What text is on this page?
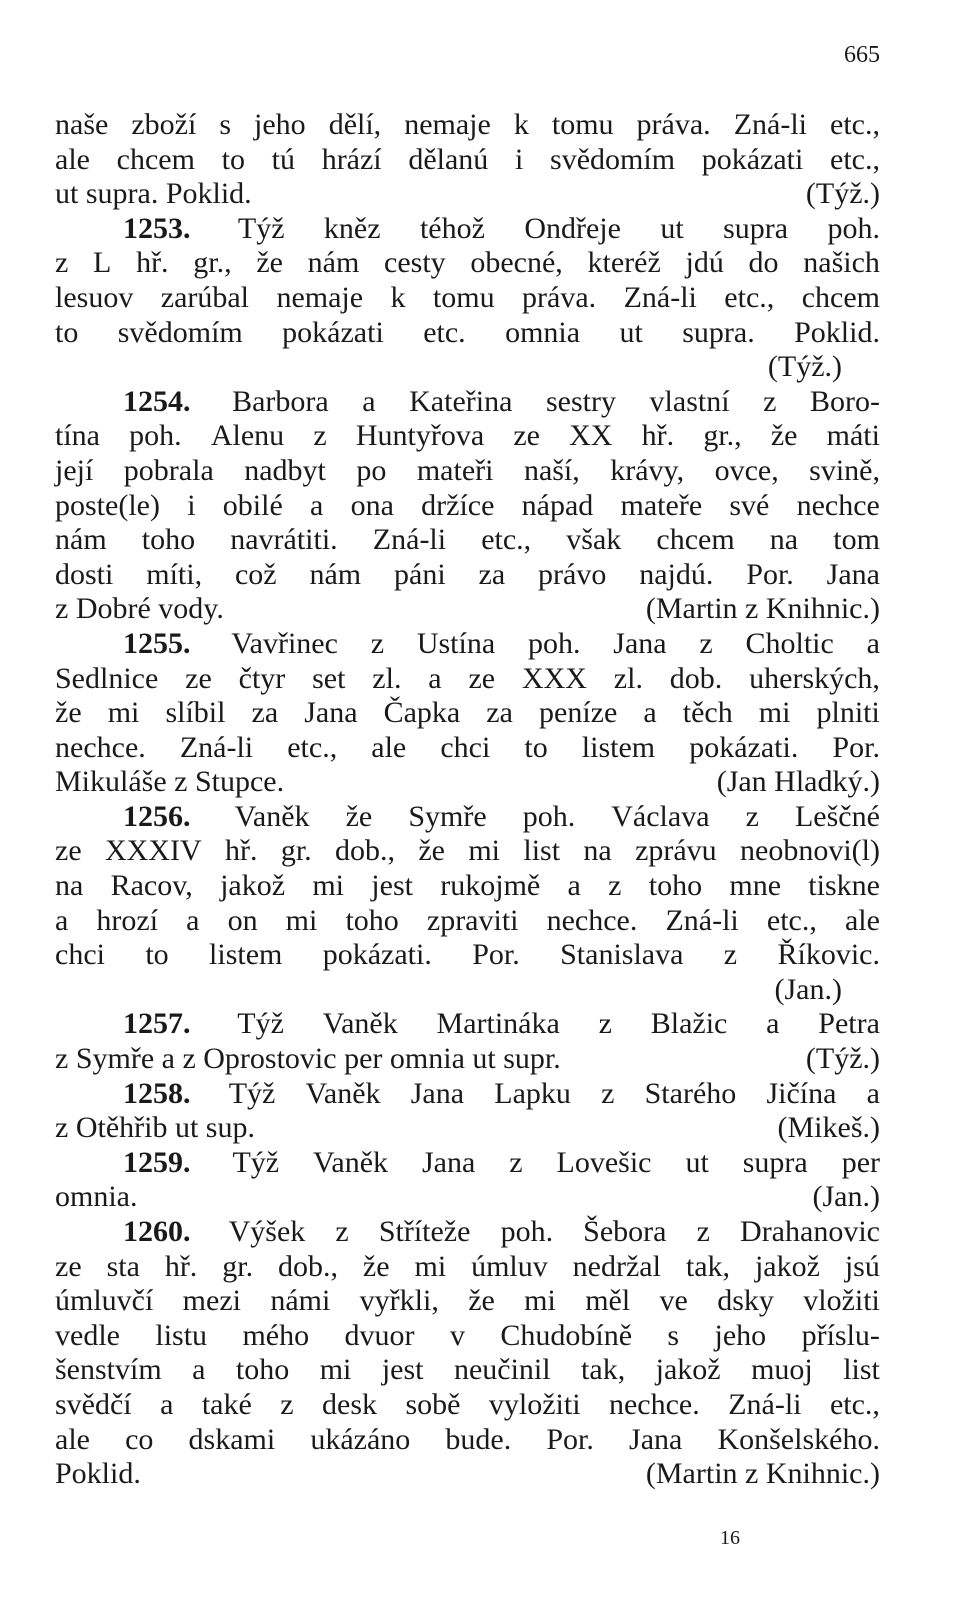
665
naše zboží s jeho dělí, nemaje k tomu práva. Zná-li etc.,
ale chcem to tú hrází dělanú i svědomím pokázati etc.,
ut supra. Poklid.	(Týž.)
1253. Týž kněz téhož Ondřeje ut supra poh.
z L hř. gr., že nám cesty obecné, kteréž jdú do našich
lesuov zarúbal nemaje k tomu práva. Zná-li etc., chcem
to svědomím pokázati etc. omnia ut supra. Poklid.
(Týž.)
1254. Barbora a Kateřina sestry vlastní z Boro-
tína poh. Alenu z Huntyřova ze XX hř. gr., že máti
její pobrala nadbyt po mateři naší, krávy, ovce, svině,
poste(le) i obilé a ona držíce nápad mateře své nechce
nám toho navrátiti. Zná-li etc., však chcem na tom
dosti míti, což nám páni za právo najdú. Por. Jana
z Dobré vody.	(Martin z Knihnic.)
1255. Vavřinec z Ustína poh. Jana z Choltic a
Sedlnice ze čtyr set zl. a ze XXX zl. dob. uherských,
že mi slíbil za Jana Čapka za peníze a těch mi plniti
nechce. Zná-li etc., ale chci to listem pokázati. Por.
Mikuláše z Stupce.	(Jan Hladký.)
1256. Vaněk že Symře poh. Václava z Leščné
ze XXXIV hř. gr. dob., že mi list na zprávu neobnovi(l)
na Racov, jakož mi jest rukojmě a z toho mne tiskne
a hrozí a on mi toho zpraviti nechce. Zná-li etc., ale
chci to listem pokázati. Por. Stanislava z Říkovic.
(Jan.)
1257. Týž Vaněk Martináka z Blažic a Petra
z Symře a z Oprostovic per omnia ut supr.	(Týž.)
1258. Týž Vaněk Jana Lapku z Starého Jičína a
z Otěhřib ut sup.	(Mikeš.)
1259. Týž Vaněk Jana z Lovešic ut supra per
omnia.	(Jan.)
1260. Výšek z Stříteže poh. Šebora z Drahanovic
ze sta hř. gr. dob., že mi úmluv nedržal tak, jakož jsú
úmluvčí mezi námi vyřkli, že mi měl ve dsky vložiti
vedle listu mého dvuor v Chudobíně s jeho příslu-
šenstvím a toho mi jest neučinil tak, jakož muoj list
svědčí a také z desk sobě vyložiti nechce. Zná-li etc.,
ale co dskami ukázáno bude. Por. Jana Konšelského.
Poklid.	(Martin z Knihnic.)
16
